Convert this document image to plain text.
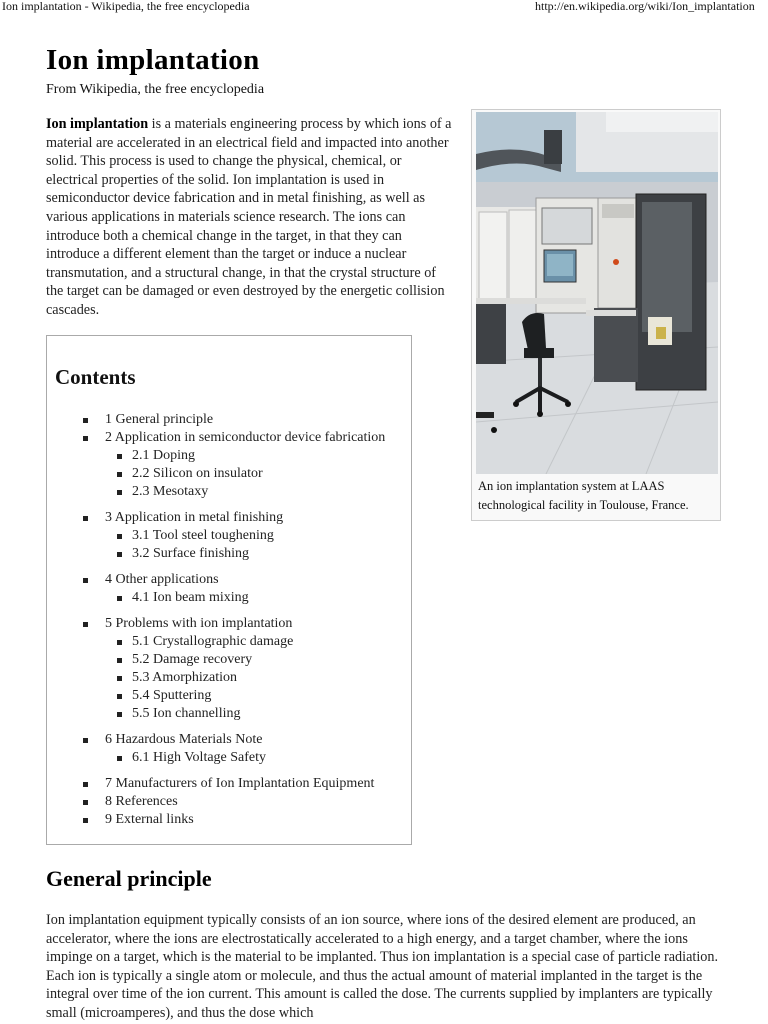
Ion implantation - Wikipedia, the free encyclopedia	http://en.wikipedia.org/wiki/Ion_implantation
Ion implantation
From Wikipedia, the free encyclopedia

Ion implantation is a materials engineering process by which ions of a material are accelerated in an electrical field and impacted into another solid. This process is used to change the physical, chemical, or electrical properties of the solid. Ion implantation is used in semiconductor device fabrication and in metal finishing, as well as various applications in materials science research. The ions can introduce both a chemical change in the target, in that they can introduce a different element than the target or induce a nuclear transmutation, and a structural change, in that the crystal structure of the target can be damaged or even destroyed by the energetic collision cascades.

An ion implantation system at LAAS technological facility in Toulouse, France.
Contents
1 General principle
2 Application in semiconductor device fabrication
2.1 Doping
2.2 Silicon on insulator
2.3 Mesotaxy
3 Application in metal finishing
3.1 Tool steel toughening
3.2 Surface finishing
4 Other applications
4.1 Ion beam mixing
5 Problems with ion implantation
5.1 Crystallographic damage
5.2 Damage recovery
5.3 Amorphization
5.4 Sputtering
5.5 Ion channelling
6 Hazardous Materials Note
6.1 High Voltage Safety
7 Manufacturers of Ion Implantation Equipment
8 References
9 External links
General principle

Ion implantation equipment typically consists of an ion source, where ions of the desired element are produced, an accelerator, where the ions are electrostatically accelerated to a high energy, and a target chamber, where the ions impinge on a target, which is the material to be implanted. Thus ion implantation is a special case of particle radiation. Each ion is typically a single atom or molecule, and thus the actual amount of material implanted in the target is the integral over time of the ion current. This amount is called the dose. The currents supplied by implanters are typically small (microamperes), and thus the dose which
